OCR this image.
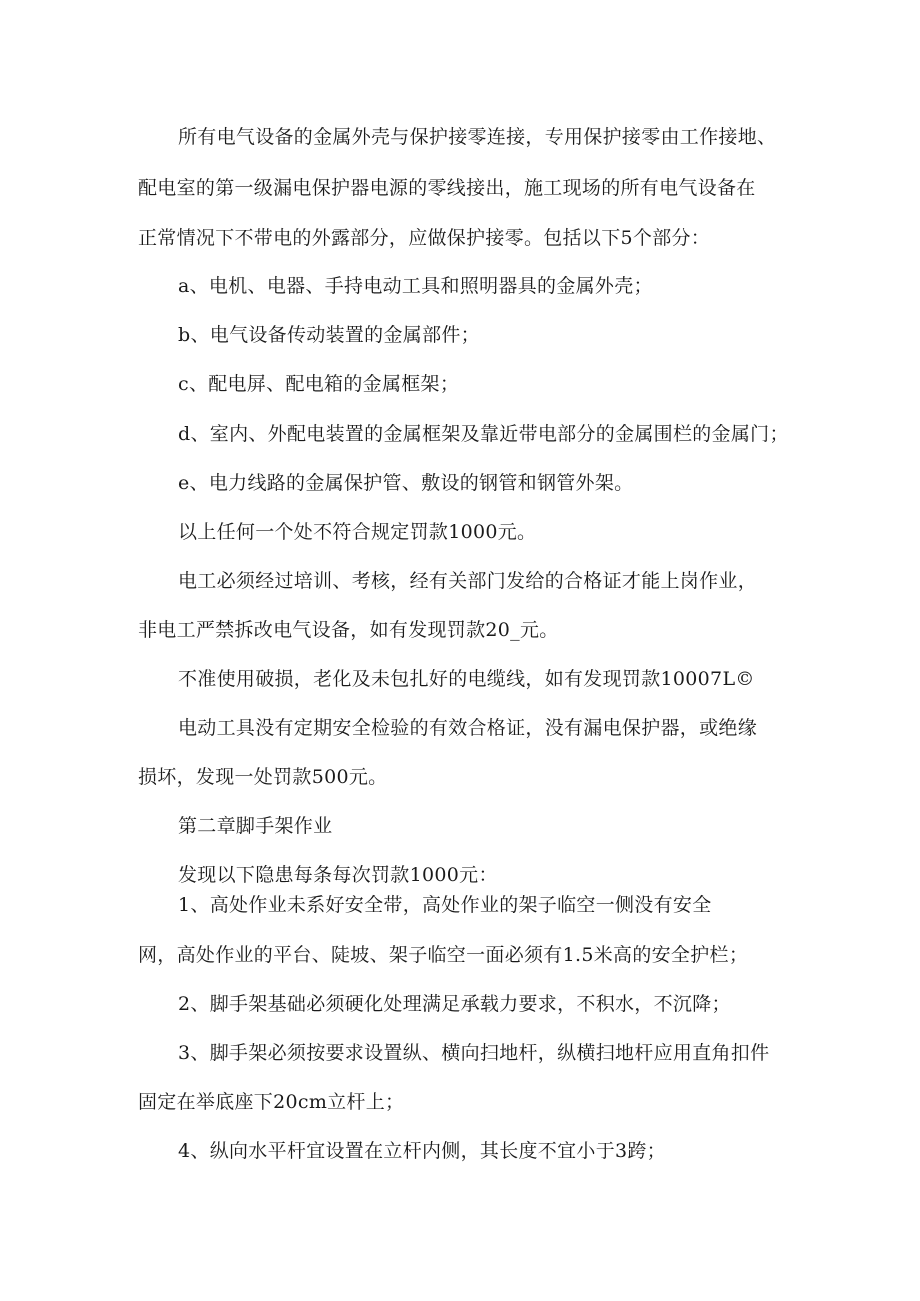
所有电气设备的金属外壳与保护接零连接，专用保护接零由工作接地、
配电室的第一级漏电保护器电源的零线接出，施工现场的所有电气设备在
正常情况下不带电的外露部分，应做保护接零。包括以下5个部分：
a、电机、电器、手持电动工具和照明器具的金属外壳；
b、电气设备传动装置的金属部件；
c、配电屏、配电箱的金属框架；
d、室内、外配电装置的金属框架及靠近带电部分的金属围栏的金属门；
e、电力线路的金属保护管、敷设的钢管和钢管外架。
以上任何一个处不符合规定罚款1000元。
电工必须经过培训、考核，经有关部门发给的合格证才能上岗作业，
非电工严禁拆改电气设备，如有发现罚款20_元。
不准使用破损，老化及未包扎好的电缆线，如有发现罚款10007L©
电动工具没有定期安全检验的有效合格证，没有漏电保护器，或绝缘
损坏，发现一处罚款500元。
第二章脚手架作业
发现以下隐患每条每次罚款1000元：
1、高处作业未系好安全带，高处作业的架子临空一侧没有安全
网，高处作业的平台、陡坡、架子临空一面必须有1.5米高的安全护栏；
2、脚手架基础必须硬化处理满足承载力要求，不积水，不沉降；
3、脚手架必须按要求设置纵、横向扫地杆，纵横扫地杆应用直角扣件
固定在举底座下20cm立杆上；
4、纵向水平杆宜设置在立杆内侧，其长度不宜小于3跨；
